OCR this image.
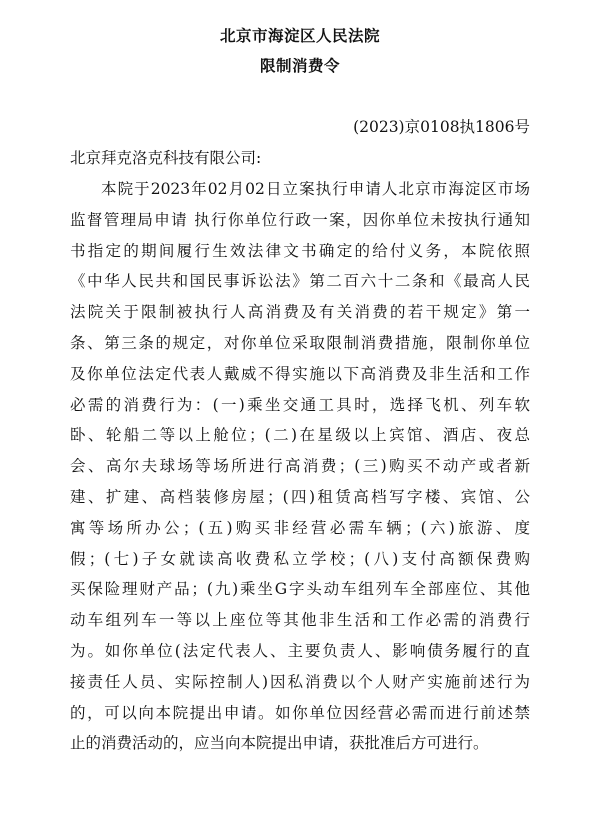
北京市海淀区人民法院
限制消费令
(2023)京0108执1806号
北京拜克洛克科技有限公司:
本院于2023年02月02日立案执行申请人北京市海淀区市场
监督管理局申请 执行你单位行政一案，因你单位未按执行通知
书指定的期间履行生效法律文书确定的给付义务，本院依照
《中华人民共和国民事诉讼法》第二百六十二条和《最高人民
法院关于限制被执行人高消费及有关消费的若干规定》第一
条、第三条的规定，对你单位采取限制消费措施，限制你单位
及你单位法定代表人戴威不得实施以下高消费及非生活和工作
必需的消费行为：(一)乘坐交通工具时，选择飞机、列车软
卧、轮船二等以上舱位；(二)在星级以上宾馆、酒店、夜总
会、高尔夫球场等场所进行高消费；(三)购买不动产或者新
建、扩建、高档装修房屋；(四)租赁高档写字楼、宾馆、公
寓等场所办公；(五)购买非经营必需车辆；(六)旅游、度
假；(七)子女就读高收费私立学校；(八)支付高额保费购
买保险理财产品；(九)乘坐G字头动车组列车全部座位、其他
动车组列车一等以上座位等其他非生活和工作必需的消费行
为。如你单位(法定代表人、主要负责人、影响债务履行的直
接责任人员、实际控制人)因私消费以个人财产实施前述行为
的，可以向本院提出申请。如你单位因经营必需而进行前述禁
止的消费活动的，应当向本院提出申请，获批准后方可进行。
